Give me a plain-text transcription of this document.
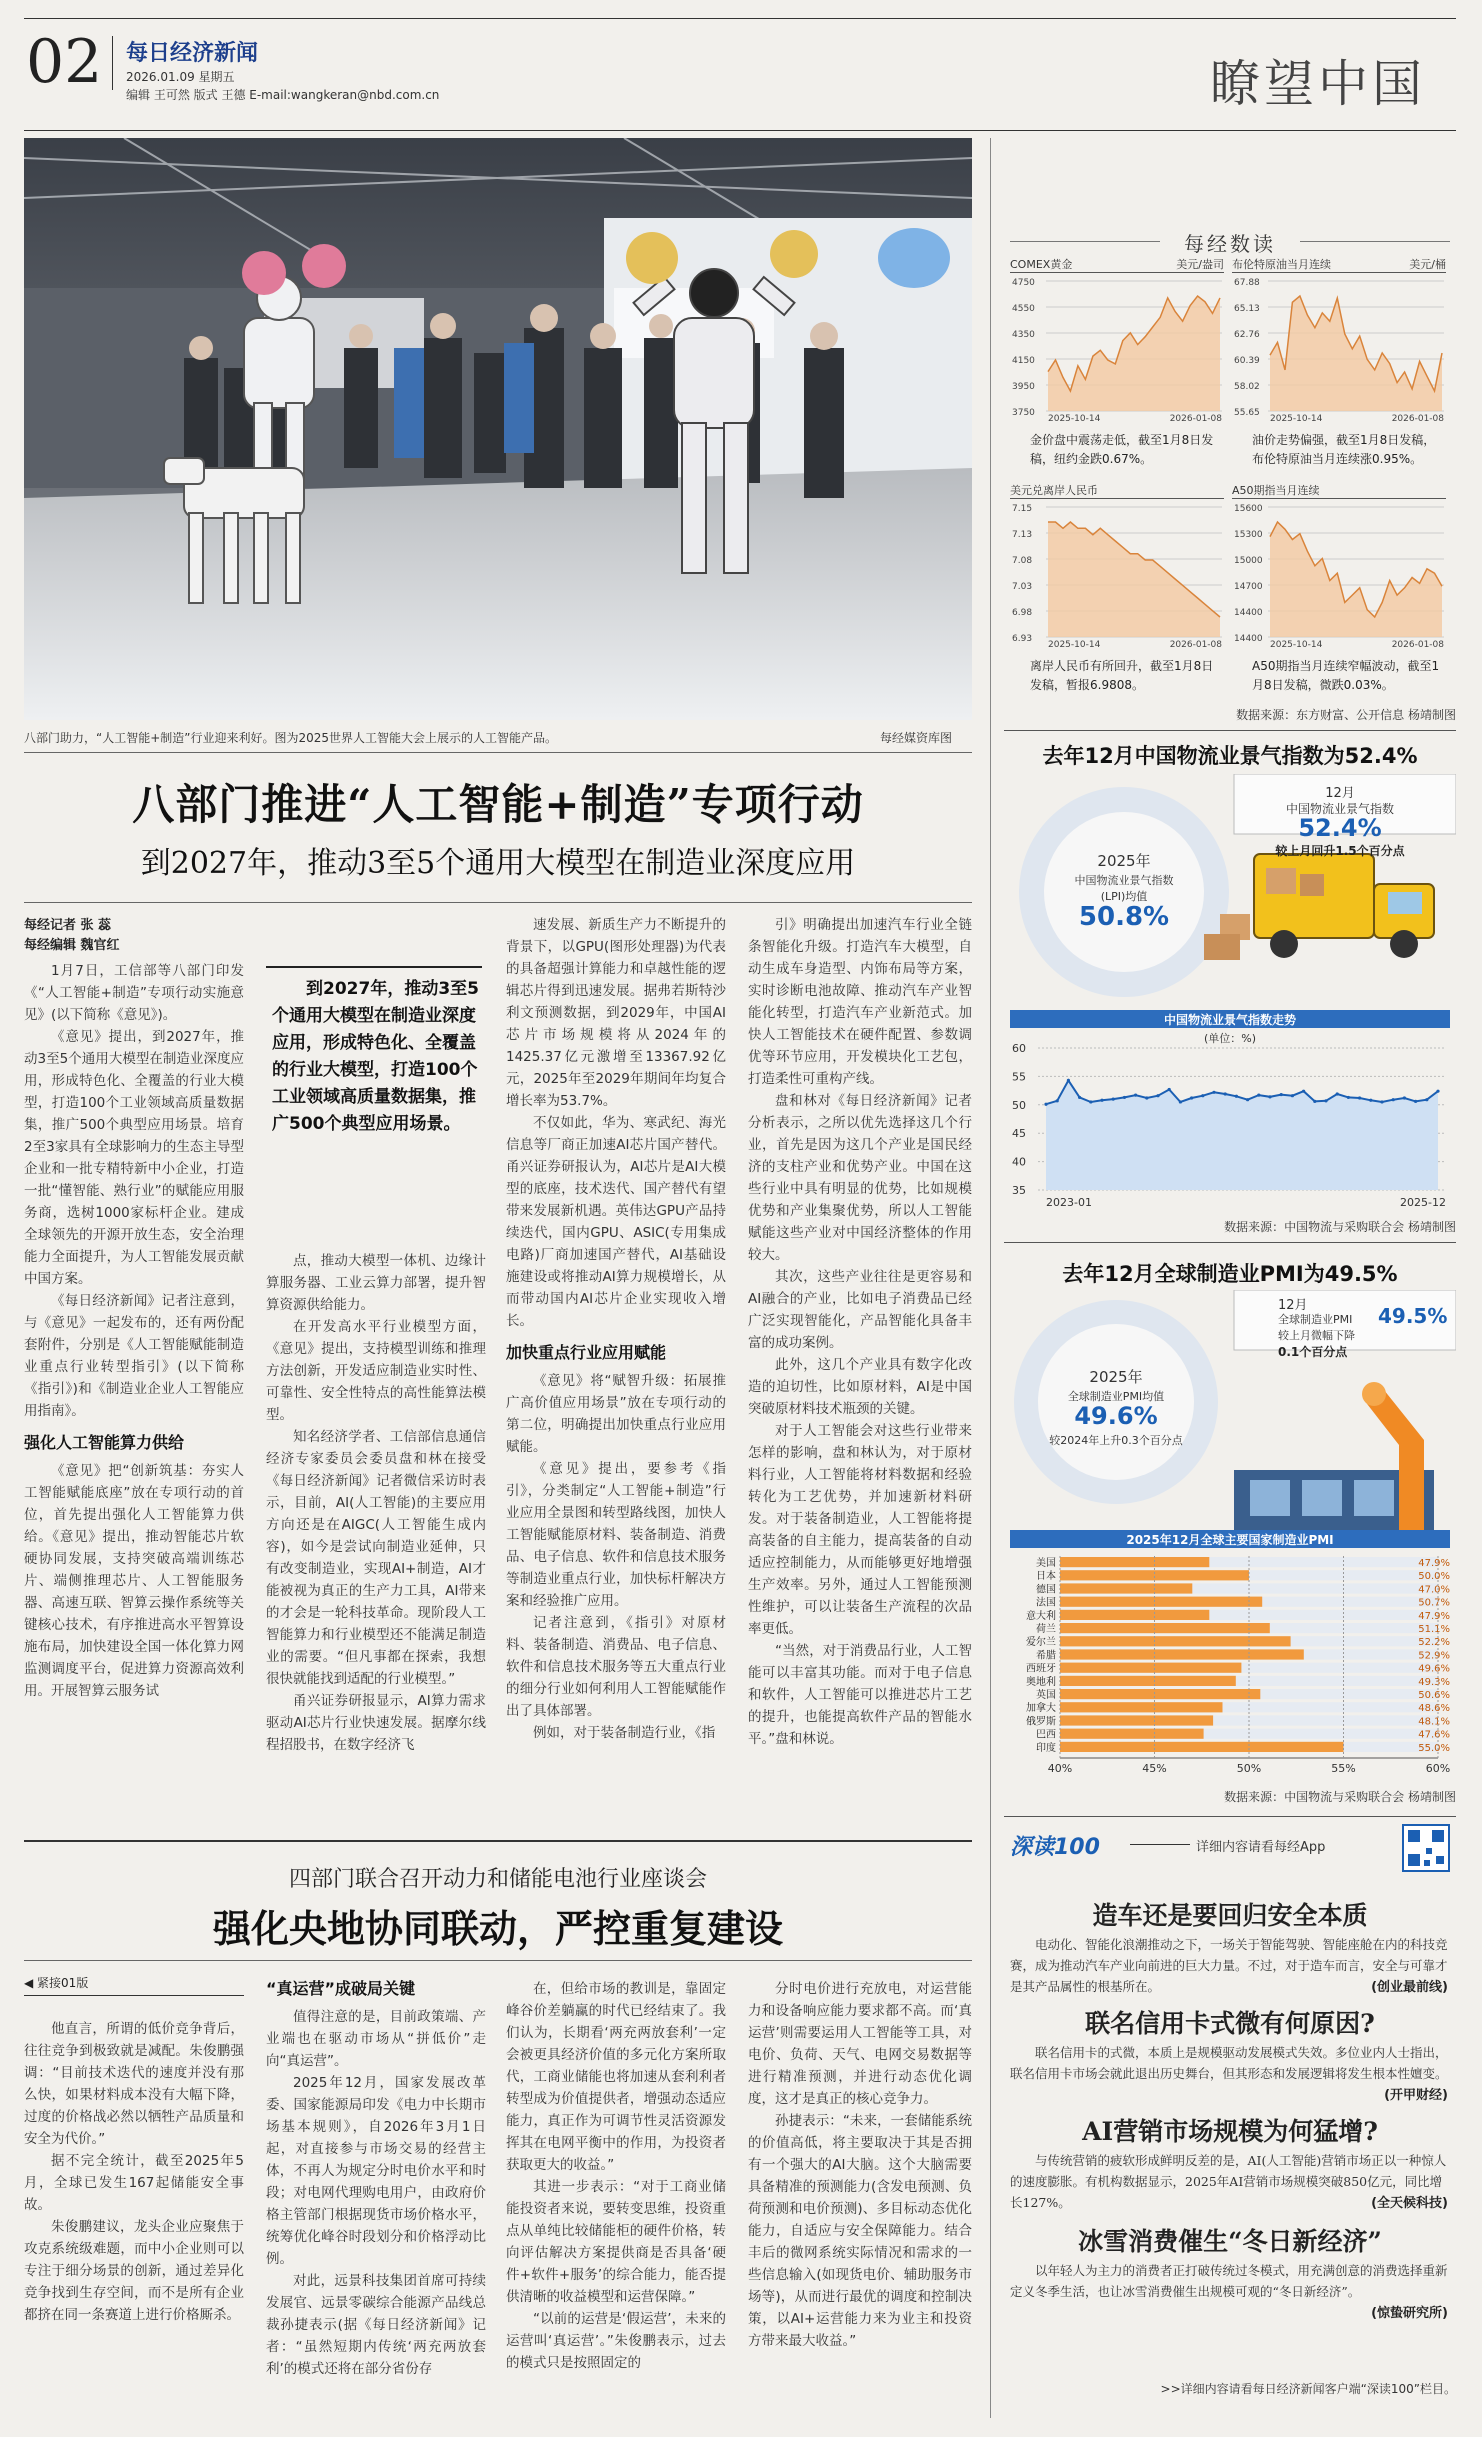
02 每日经济新闻
2026.01.09 星期五
编辑 王可然 版式 王德 E-mail:wangkeran@nbd.com.cn	瞭望中国
八部门助力，“人工智能+制造”行业迎来利好。图为2025世界人工智能大会上展示的人工智能产品。	每经媒资库图
八部门推进“人工智能+制造”专项行动
到2027年，推动3至5个通用大模型在制造业深度应用
每经记者 张 蕊
每经编辑 魏官红

1月7日，工信部等八部门印发《“人工智能+制造”专项行动实施意见》(以下简称《意见》)。

《意见》提出，到2027年，推动3至5个通用大模型在制造业深度应用，形成特色化、全覆盖的行业大模型，打造100个工业领域高质量数据集，推广500个典型应用场景。培育2至3家具有全球影响力的生态主导型企业和一批专精特新中小企业，打造一批“懂智能、熟行业”的赋能应用服务商，选树1000家标杆企业。建成全球领先的开源开放生态，安全治理能力全面提升，为人工智能发展贡献中国方案。

《每日经济新闻》记者注意到，与《意见》一起发布的，还有两份配套附件，分别是《人工智能赋能制造业重点行业转型指引》(以下简称《指引》)和《制造业企业人工智能应用指南》。

强化人工智能算力供给

《意见》把“创新筑基：夯实人工智能赋能底座”放在专项行动的首位，首先提出强化人工智能算力供给。《意见》提出，推动智能芯片软硬协同发展，支持突破高端训练芯片、端侧推理芯片、人工智能服务器、高速互联、智算云操作系统等关键核心技术，有序推进高水平智算设施布局，加快建设全国一体化算力网监测调度平台，促进算力资源高效利用。开展智算云服务试

到2027年，推动3至5个通用大模型在制造业深度应用，形成特色化、全覆盖的行业大模型，打造100个工业领域高质量数据集，推广500个典型应用场景。

点，推动大模型一体机、边缘计算服务器、工业云算力部署，提升智算资源供给能力。

在开发高水平行业模型方面，《意见》提出，支持模型训练和推理方法创新，开发适应制造业实时性、可靠性、安全性特点的高性能算法模型。

知名经济学者、工信部信息通信经济专家委员会委员盘和林在接受《每日经济新闻》记者微信采访时表示，目前，AI(人工智能)的主要应用方向还是在AIGC(人工智能生成内容)，如今是尝试向制造业延伸，只有改变制造业，实现AI+制造，AI才能被视为真正的生产力工具，AI带来的才会是一轮科技革命。现阶段人工智能算力和行业模型还不能满足制造业的需要。“但凡事都在探索，我想很快就能找到适配的行业模型。”

甬兴证券研报显示，AI算力需求驱动AI芯片行业快速发展。据摩尔线程招股书，在数字经济飞

速发展、新质生产力不断提升的背景下，以GPU(图形处理器)为代表的具备超强计算能力和卓越性能的逻辑芯片得到迅速发展。据弗若斯特沙利文预测数据，到2029年，中国AI芯片市场规模将从2024年的1425.37亿元激增至13367.92亿元，2025年至2029年期间年均复合增长率为53.7%。

不仅如此，华为、寒武纪、海光信息等厂商正加速AI芯片国产替代。甬兴证券研报认为，AI芯片是AI大模型的底座，技术迭代、国产替代有望带来发展新机遇。英伟达GPU产品持续迭代，国内GPU、ASIC(专用集成电路)厂商加速国产替代，AI基础设施建设或将推动AI算力规模增长，从而带动国内AI芯片企业实现收入增长。

加快重点行业应用赋能

《意见》将“赋智升级：拓展推广高价值应用场景”放在专项行动的第二位，明确提出加快重点行业应用赋能。

《意见》提出，要参考《指引》，分类制定“人工智能+制造”行业应用全景图和转型路线图，加快人工智能赋能原材料、装备制造、消费品、电子信息、软件和信息技术服务等制造业重点行业，加快标杆解决方案和经验推广应用。

记者注意到，《指引》对原材料、装备制造、消费品、电子信息、软件和信息技术服务等五大重点行业的细分行业如何利用人工智能赋能作出了具体部署。

例如，对于装备制造行业，《指

引》明确提出加速汽车行业全链条智能化升级。打造汽车大模型，自动生成车身造型、内饰布局等方案，实时诊断电池故障、推动汽车产业智能化转型，打造汽车产业新范式。加快人工智能技术在硬件配置、参数调优等环节应用，开发模块化工艺包，打造柔性可重构产线。

盘和林对《每日经济新闻》记者分析表示，之所以优先选择这几个行业，首先是因为这几个产业是国民经济的支柱产业和优势产业。中国在这些行业中具有明显的优势，比如规模优势和产业集聚优势，所以人工智能赋能这些产业对中国经济整体的作用较大。

其次，这些产业往往是更容易和AI融合的产业，比如电子消费品已经广泛实现智能化，产品智能化具备丰富的成功案例。

此外，这几个产业具有数字化改造的迫切性，比如原材料，AI是中国突破原材料技术瓶颈的关键。

对于人工智能会对这些行业带来怎样的影响，盘和林认为，对于原材料行业，人工智能将材料数据和经验转化为工艺优势，并加速新材料研发。对于装备制造业，人工智能将提高装备的自主能力，提高装备的自动适应控制能力，从而能够更好地增强生产效率。另外，通过人工智能预测性维护，可以让装备生产流程的次品率更低。

“当然，对于消费品行业，人工智能可以丰富其功能。而对于电子信息和软件，人工智能可以推进芯片工艺的提升，也能提高软件产品的智能水平。”盘和林说。

四部门联合召开动力和储能电池行业座谈会
强化央地协同联动，严控重复建设
◀ 紧接01版

他直言，所谓的低价竞争背后，往往竞争到极致就是减配。朱俊鹏强调：“目前技术迭代的速度并没有那么快，如果材料成本没有大幅下降，过度的价格战必然以牺牲产品质量和安全为代价。”

据不完全统计，截至2025年5月，全球已发生167起储能安全事故。

朱俊鹏建议，龙头企业应聚焦于攻克系统级难题，而中小企业则可以专注于细分场景的创新，通过差异化竞争找到生存空间，而不是所有企业都挤在同一条赛道上进行价格厮杀。

“真运营”成破局关键

值得注意的是，目前政策端、产业端也在驱动市场从“拼低价”走向“真运营”。

2025年12月，国家发展改革委、国家能源局印发《电力中长期市场基本规则》，自2026年3月1日起，对直接参与市场交易的经营主体，不再人为规定分时电价水平和时段；对电网代理购电用户，由政府价格主管部门根据现货市场价格水平，统筹优化峰谷时段划分和价格浮动比例。

对此，远景科技集团首席可持续发展官、远景零碳综合能源产品线总裁孙捷表示(据《每日经济新闻》记者：“虽然短期内传统‘两充两放套利’的模式还将在部分省份存

在，但给市场的教训是，靠固定峰谷价差躺赢的时代已经结束了。我们认为，长期看‘两充两放套利’一定会被更具经济价值的多元化方案所取代，工商业储能也将加速从套利利者转型成为价值提供者，增强动态适应能力，真正作为可调节性灵活资源发挥其在电网平衡中的作用，为投资者获取更大的收益。”

其进一步表示：“对于工商业储能投资者来说，要转变思维，投资重点从单纯比较储能柜的硬件价格，转向评估解决方案提供商是否具备‘硬件+软件+服务’的综合能力，能否提供清晰的收益模型和运营保障。”

“以前的运营是‘假运营’，未来的运营叫‘真运营’。”朱俊鹏表示，过去的模式只是按照固定的

分时电价进行充放电，对运营能力和设备响应能力要求都不高。而‘真运营’则需要运用人工智能等工具，对电价、负荷、天气、电网交易数据等进行精准预测，并进行动态优化调度，这才是真正的核心竞争力。

孙捷表示：“未来，一套储能系统的价值高低，将主要取决于其是否拥有一个强大的AI大脑。这个大脑需要具备精准的预测能力(含发电预测、负荷预测和电价预测)、多目标动态优化能力，自适应与安全保障能力。结合丰后的微网系统实际情况和需求的一些信息输入(如现货电价、辅助服务市场等)，从而进行最优的调度和控制决策，以AI+运营能力来为业主和投资方带来最大收益。”

每经数读
COMEX黄金	美元/盎司
4750
4550
4350
4150
3950
3750
2025-10-14	2026-01-08
金价盘中震荡走低，截至1月8日发稿，纽约金跌0.67%。
布伦特原油当月连续	美元/桶
67.88
65.13
62.76
60.39
58.02
55.65
2025-10-14	2026-01-08
油价走势偏强，截至1月8日发稿，布伦特原油当月连续涨0.95%。
美元兑离岸人民币
7.15
7.13
7.08
7.03
6.98
6.93
2025-10-14	2026-01-08
离岸人民币有所回升，截至1月8日发稿，暂报6.9808。
A50期指当月连续
15600
15300
15000
14700
14400
14400
2025-10-14	2026-01-08
A50期指当月连续窄幅波动，截至1月8日发稿，微跌0.03%。
数据来源：东方财富、公开信息 杨靖制图
去年12月中国物流业景气指数为52.4%
12月
中国物流业景气指数
52.4%
较上月回升1.5个百分点
2025年
中国物流业景气指数
(LPI)均值
50.8%
中国物流业景气指数走势
(单位：%)
60
55
50
45
40
35
2023-01	2025-12
数据来源：中国物流与采购联合会 杨靖制图
去年12月全球制造业PMI为49.5%
12月
全球制造业PMI 49.5%
较上月微幅下降
0.1个百分点
2025年
全球制造业PMI均值
49.6%
较2024年上升0.3个百分点
2025年12月全球主要国家制造业PMI
美国	47.9%
日本	50.0%
德国	47.0%
法国	50.7%
意大利	47.9%
荷兰	51.1%
爱尔兰	52.2%
希腊	52.9%
西班牙	49.6%
奥地利	49.3%
英国	50.6%
加拿大	48.6%
俄罗斯	48.1%
巴西	47.6%
印度	55.0%
40%	45%	50%	55%	60%
数据来源：中国物流与采购联合会 杨靖制图
深读100	详细内容请看每经App
造车还是要回归安全本质
电动化、智能化浪潮推动之下，一场关于智能驾驶、智能座舱在内的科技竞赛，成为推动汽车产业向前进的巨大力量。不过，对于造车而言，安全与可靠才是其产品属性的根基所在。	(创业最前线)
联名信用卡式微有何原因?
联名信用卡的式微，本质上是规模驱动发展模式失效。多位业内人士指出，联名信用卡市场会就此退出历史舞台，但其形态和发展逻辑将发生根本性嬗变。
(开甲财经)
AI营销市场规模为何猛增?
与传统营销的疲软形成鲜明反差的是，AI(人工智能)营销市场正以一种惊人的速度膨胀。有机构数据显示，2025年AI营销市场规模突破850亿元，同比增长127%。	(全天候科技)
冰雪消费催生“冬日新经济”
以年轻人为主力的消费者正打破传统过冬模式，用充满创意的消费选择重新定义冬季生活，也让冰雪消费催生出规模可观的“冬日新经济”。
(惊蛰研究所)
>>详细内容请看每日经济新闻客户端“深读100”栏目。
